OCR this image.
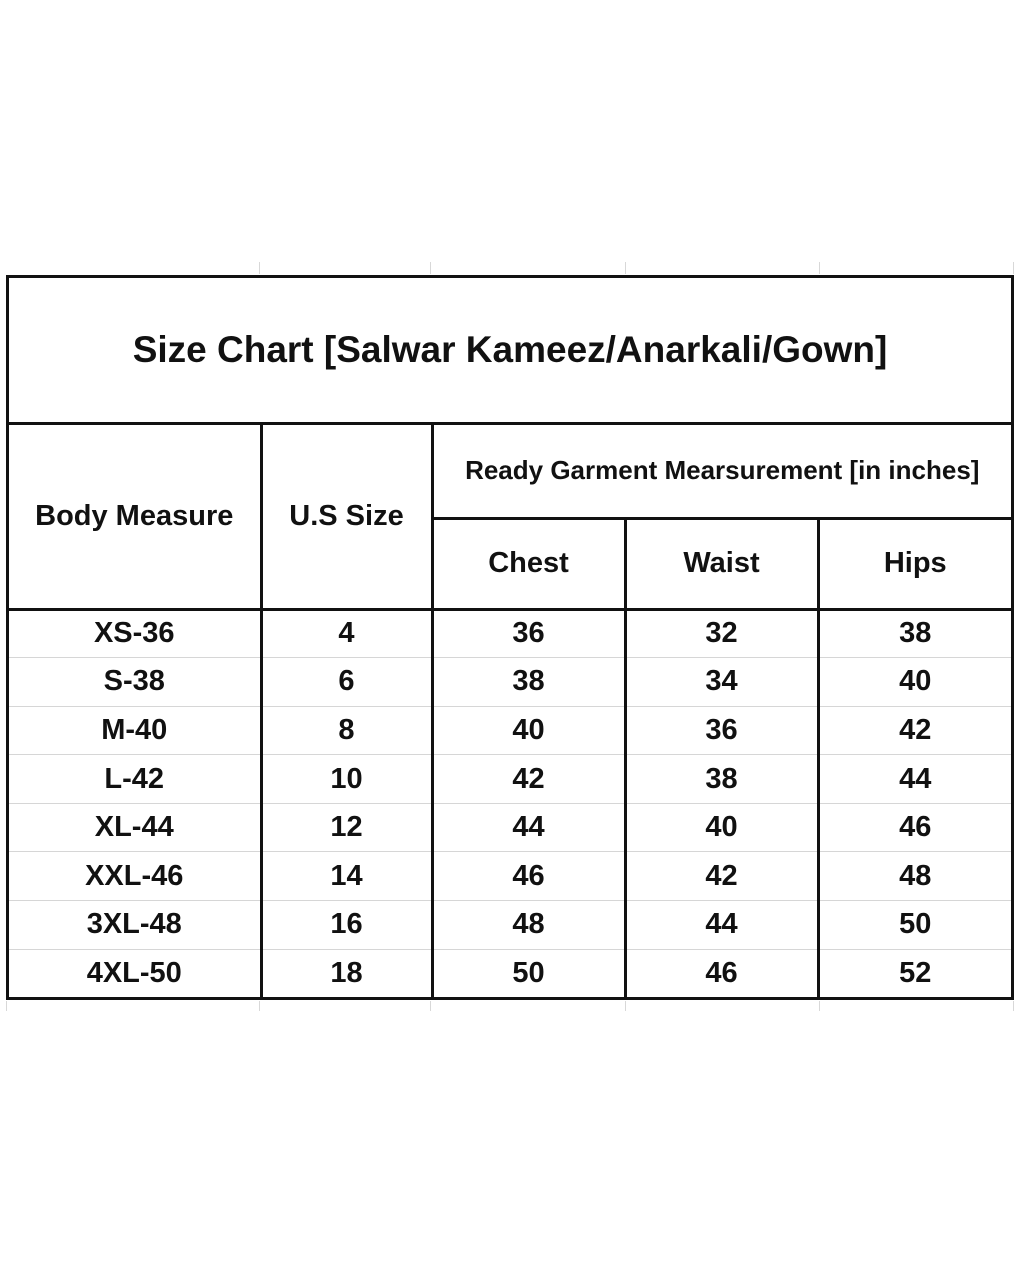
Size Chart [Salwar Kameez/Anarkali/Gown]				
Body Measure	U.S Size	Ready Garment Mearsurement [in inches]		
		Chest	Waist	Hips
XS-36	4	36	32	38
S-38	6	38	34	40
M-40	8	40	36	42
L-42	10	42	38	44
XL-44	12	44	40	46
XXL-46	14	46	42	48
3XL-48	16	48	44	50
4XL-50	18	50	46	52
